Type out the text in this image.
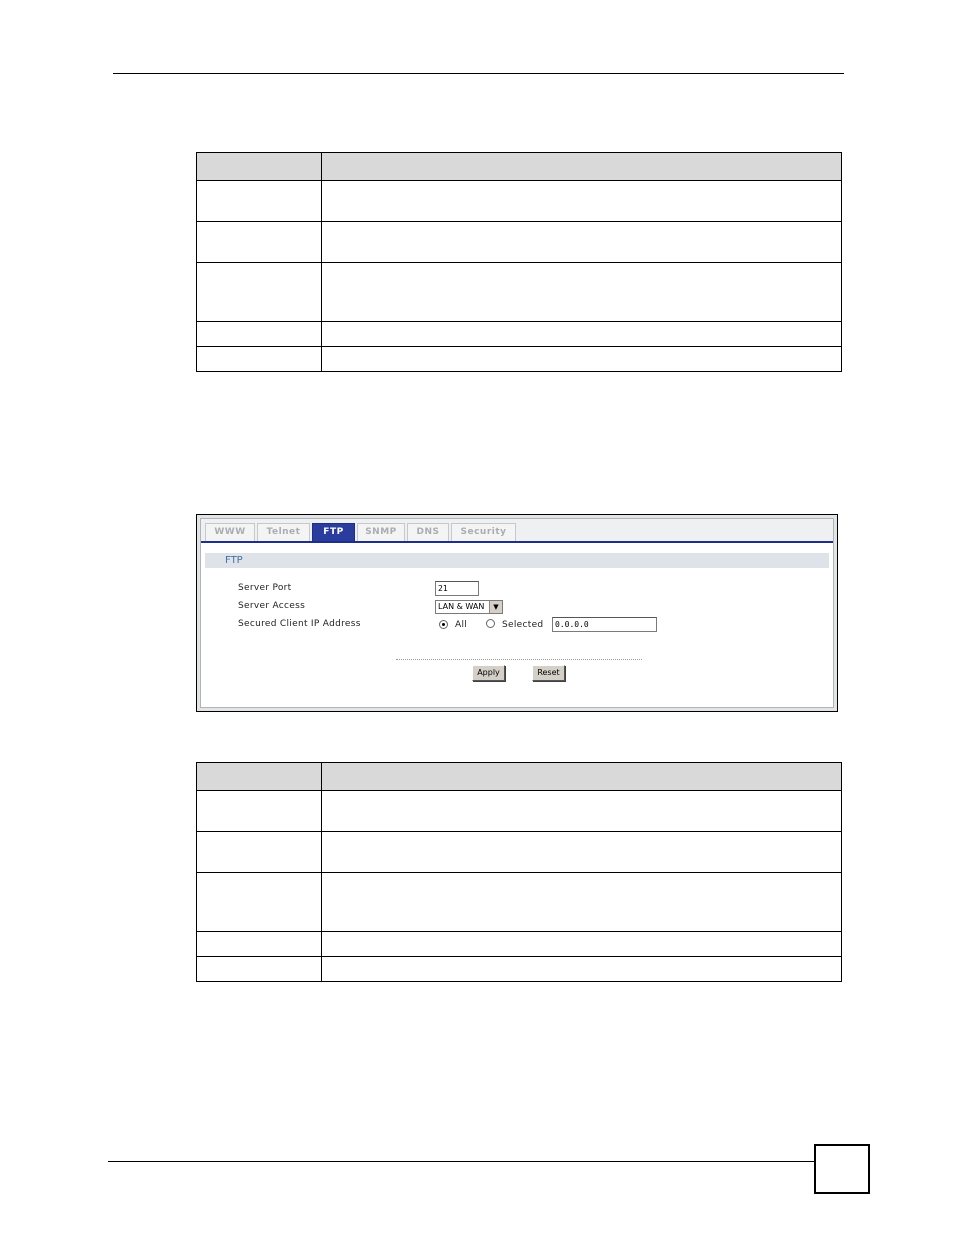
WWW	Telnet	FTP	SNMP	DNS	Security
FTP
Server Port	21
Server Access	LAN & WAN	▼
Secured Client IP Address	All	Selected	0.0.0.0
Apply	Reset
